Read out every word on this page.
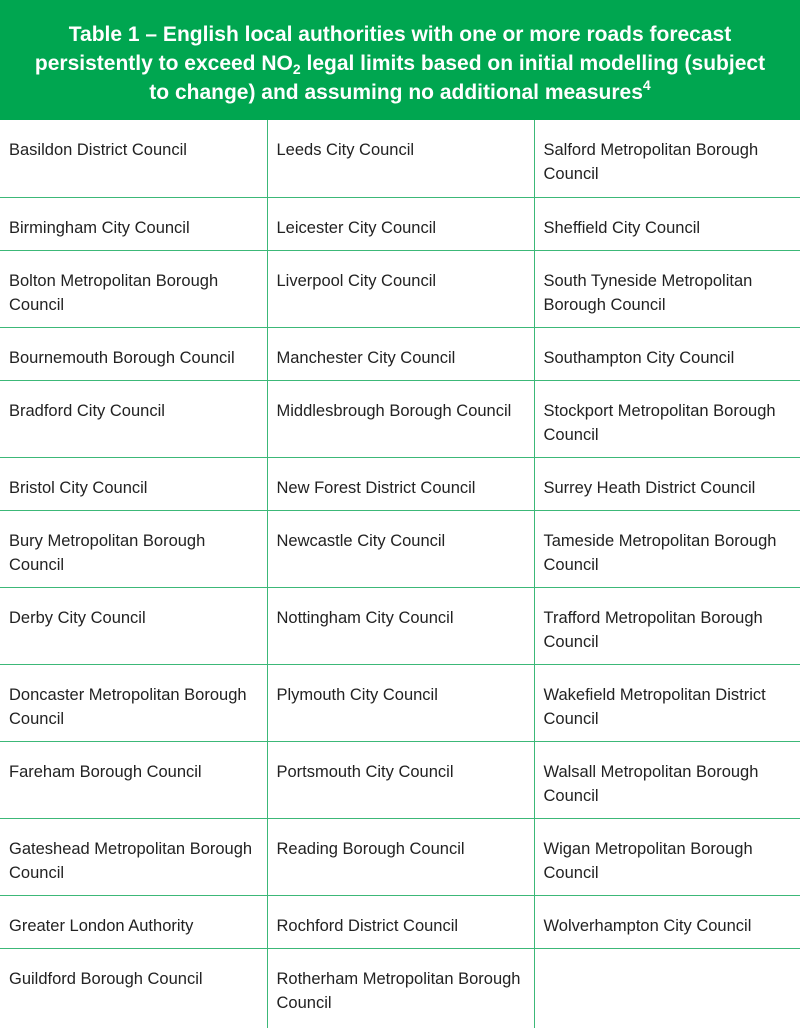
Table 1 – English local authorities with one or more roads forecast persistently to exceed $NO_2$ legal limits based on initial modelling (subject to change) and assuming no additional measures$^4$
Basildon District Council	Leeds City Council	Salford Metropolitan Borough Council
Birmingham City Council	Leicester City Council	Sheffield City Council
Bolton Metropolitan Borough Council	Liverpool City Council	South Tyneside Metropolitan Borough Council
Bournemouth Borough Council	Manchester City Council	Southampton City Council
Bradford City Council	Middlesbrough Borough Council	Stockport Metropolitan Borough Council
Bristol City Council	New Forest District Council	Surrey Heath District Council
Bury Metropolitan Borough Council	Newcastle City Council	Tameside Metropolitan Borough Council
Derby City Council	Nottingham City Council	Trafford Metropolitan Borough Council
Doncaster Metropolitan Borough Council	Plymouth City Council	Wakefield Metropolitan District Council
Fareham Borough Council	Portsmouth City Council	Walsall Metropolitan Borough Council
Gateshead Metropolitan Borough Council	Reading Borough Council	Wigan Metropolitan Borough Council
Greater London Authority	Rochford District Council	Wolverhampton City Council
Guildford Borough Council	Rotherham Metropolitan Borough Council	
